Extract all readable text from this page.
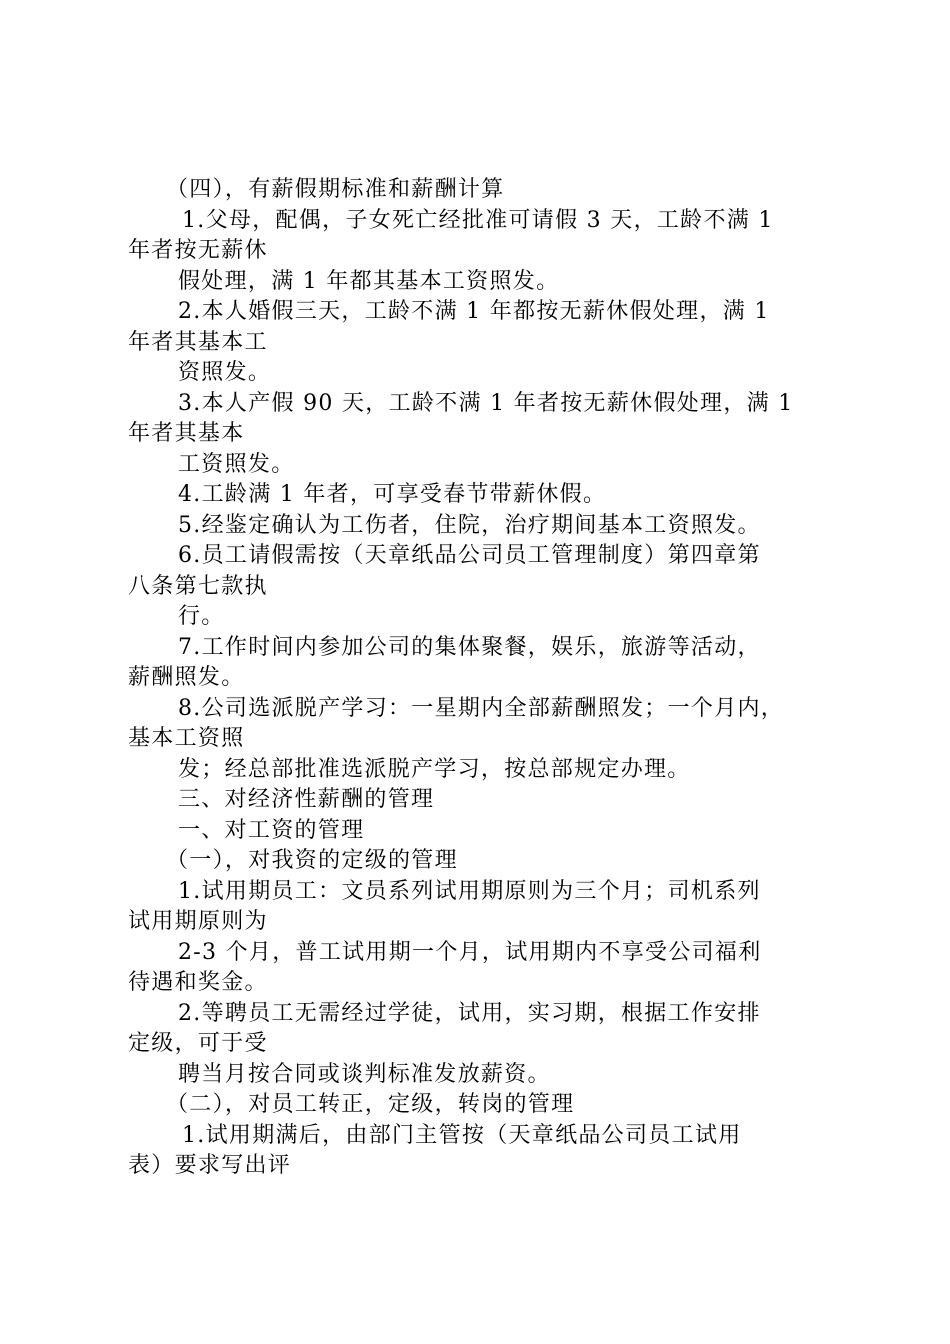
（四），有薪假期标准和薪酬计算
1.父母，配偶，子女死亡经批准可请假 3 天，工龄不满 1
年者按无薪休
假处理，满 1 年都其基本工资照发。
2.本人婚假三天，工龄不满 1 年都按无薪休假处理，满 1
年者其基本工
资照发。
3.本人产假 90 天，工龄不满 1 年者按无薪休假处理，满 1
年者其基本
工资照发。
4.工龄满 1 年者，可享受春节带薪休假。
5.经鉴定确认为工伤者，住院，治疗期间基本工资照发。
6.员工请假需按（天章纸品公司员工管理制度）第四章第
八条第七款执
行。
7.工作时间内参加公司的集体聚餐，娱乐，旅游等活动，
薪酬照发。
8.公司选派脱产学习：一星期内全部薪酬照发；一个月内，
基本工资照
发；经总部批准选派脱产学习，按总部规定办理。
三、对经济性薪酬的管理
一、对工资的管理
（一），对我资的定级的管理
1.试用期员工：文员系列试用期原则为三个月；司机系列
试用期原则为
2-3 个月，普工试用期一个月，试用期内不享受公司福利
待遇和奖金。
2.等聘员工无需经过学徒，试用，实习期，根据工作安排
定级，可于受
聘当月按合同或谈判标准发放薪资。
（二），对员工转正，定级，转岗的管理
1.试用期满后，由部门主管按（天章纸品公司员工试用
表）要求写出评
